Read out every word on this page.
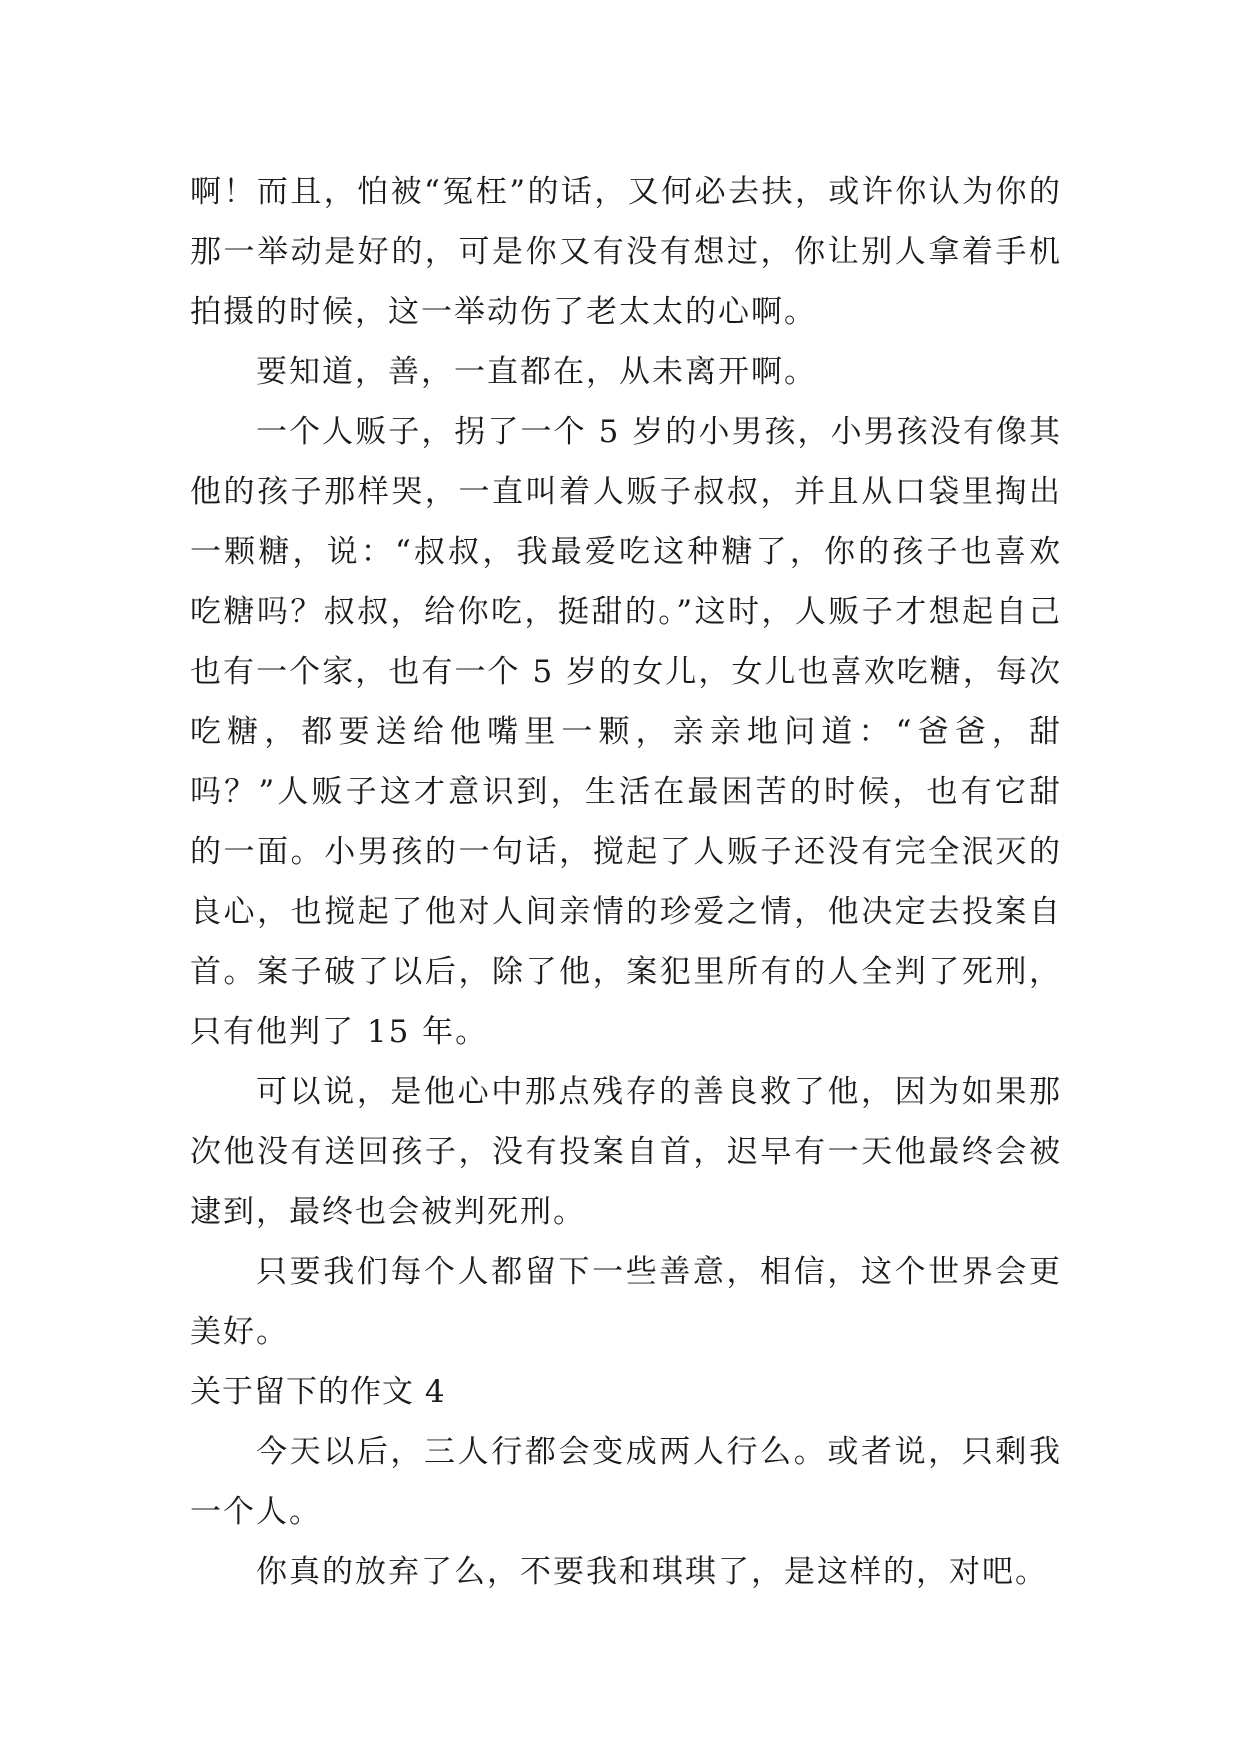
啊！而且，怕被“冤枉”的话，又何必去扶，或许你认为你的那一举动是好的，可是你又有没有想过，你让别人拿着手机拍摄的时候，这一举动伤了老太太的心啊。

要知道，善，一直都在，从未离开啊。

一个人贩子，拐了一个 5 岁的小男孩，小男孩没有像其他的孩子那样哭，一直叫着人贩子叔叔，并且从口袋里掏出一颗糖，说：“叔叔，我最爱吃这种糖了，你的孩子也喜欢吃糖吗？叔叔，给你吃，挺甜的。”这时，人贩子才想起自己也有一个家，也有一个 5 岁的女儿，女儿也喜欢吃糖，每次吃糖，都要送给他嘴里一颗，亲亲地问道：“爸爸，甜吗？”人贩子这才意识到，生活在最困苦的时候，也有它甜的一面。小男孩的一句话，搅起了人贩子还没有完全泯灭的良心，也搅起了他对人间亲情的珍爱之情，他决定去投案自首。案子破了以后，除了他，案犯里所有的人全判了死刑，只有他判了 15 年。

可以说，是他心中那点残存的善良救了他，因为如果那次他没有送回孩子，没有投案自首，迟早有一天他最终会被逮到，最终也会被判死刑。

只要我们每个人都留下一些善意，相信，这个世界会更美好。

关于留下的作文 4

今天以后，三人行都会变成两人行么。或者说，只剩我一个人。

你真的放弃了么，不要我和琪琪了，是这样的，对吧。
